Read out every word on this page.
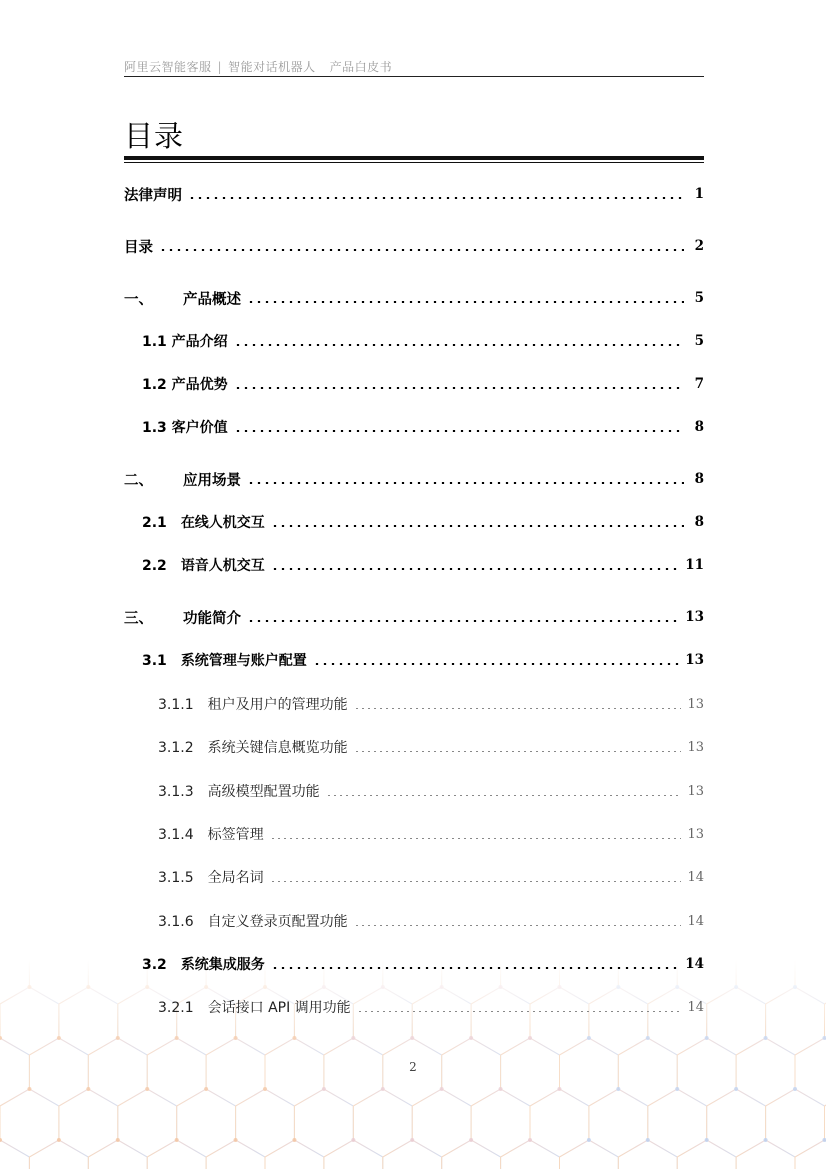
阿里云智能客服 | 智能对话机器人 产品白皮书
目录
法律声明	1
目录	2
一、 产品概述	5
1.1 产品介绍	5
1.2 产品优势	7
1.3 客户价值	8
二、 应用场景	8
2.1 在线人机交互	8
2.2 语音人机交互	11
三、 功能简介	13
3.1 系统管理与账户配置	13
3.1.1 租户及用户的管理功能	13
3.1.2 系统关键信息概览功能	13
3.1.3 高级模型配置功能	13
3.1.4 标签管理	13
3.1.5 全局名词	14
3.1.6 自定义登录页配置功能	14
3.2 系统集成服务	14
3.2.1 会话接口 API 调用功能	14
2
